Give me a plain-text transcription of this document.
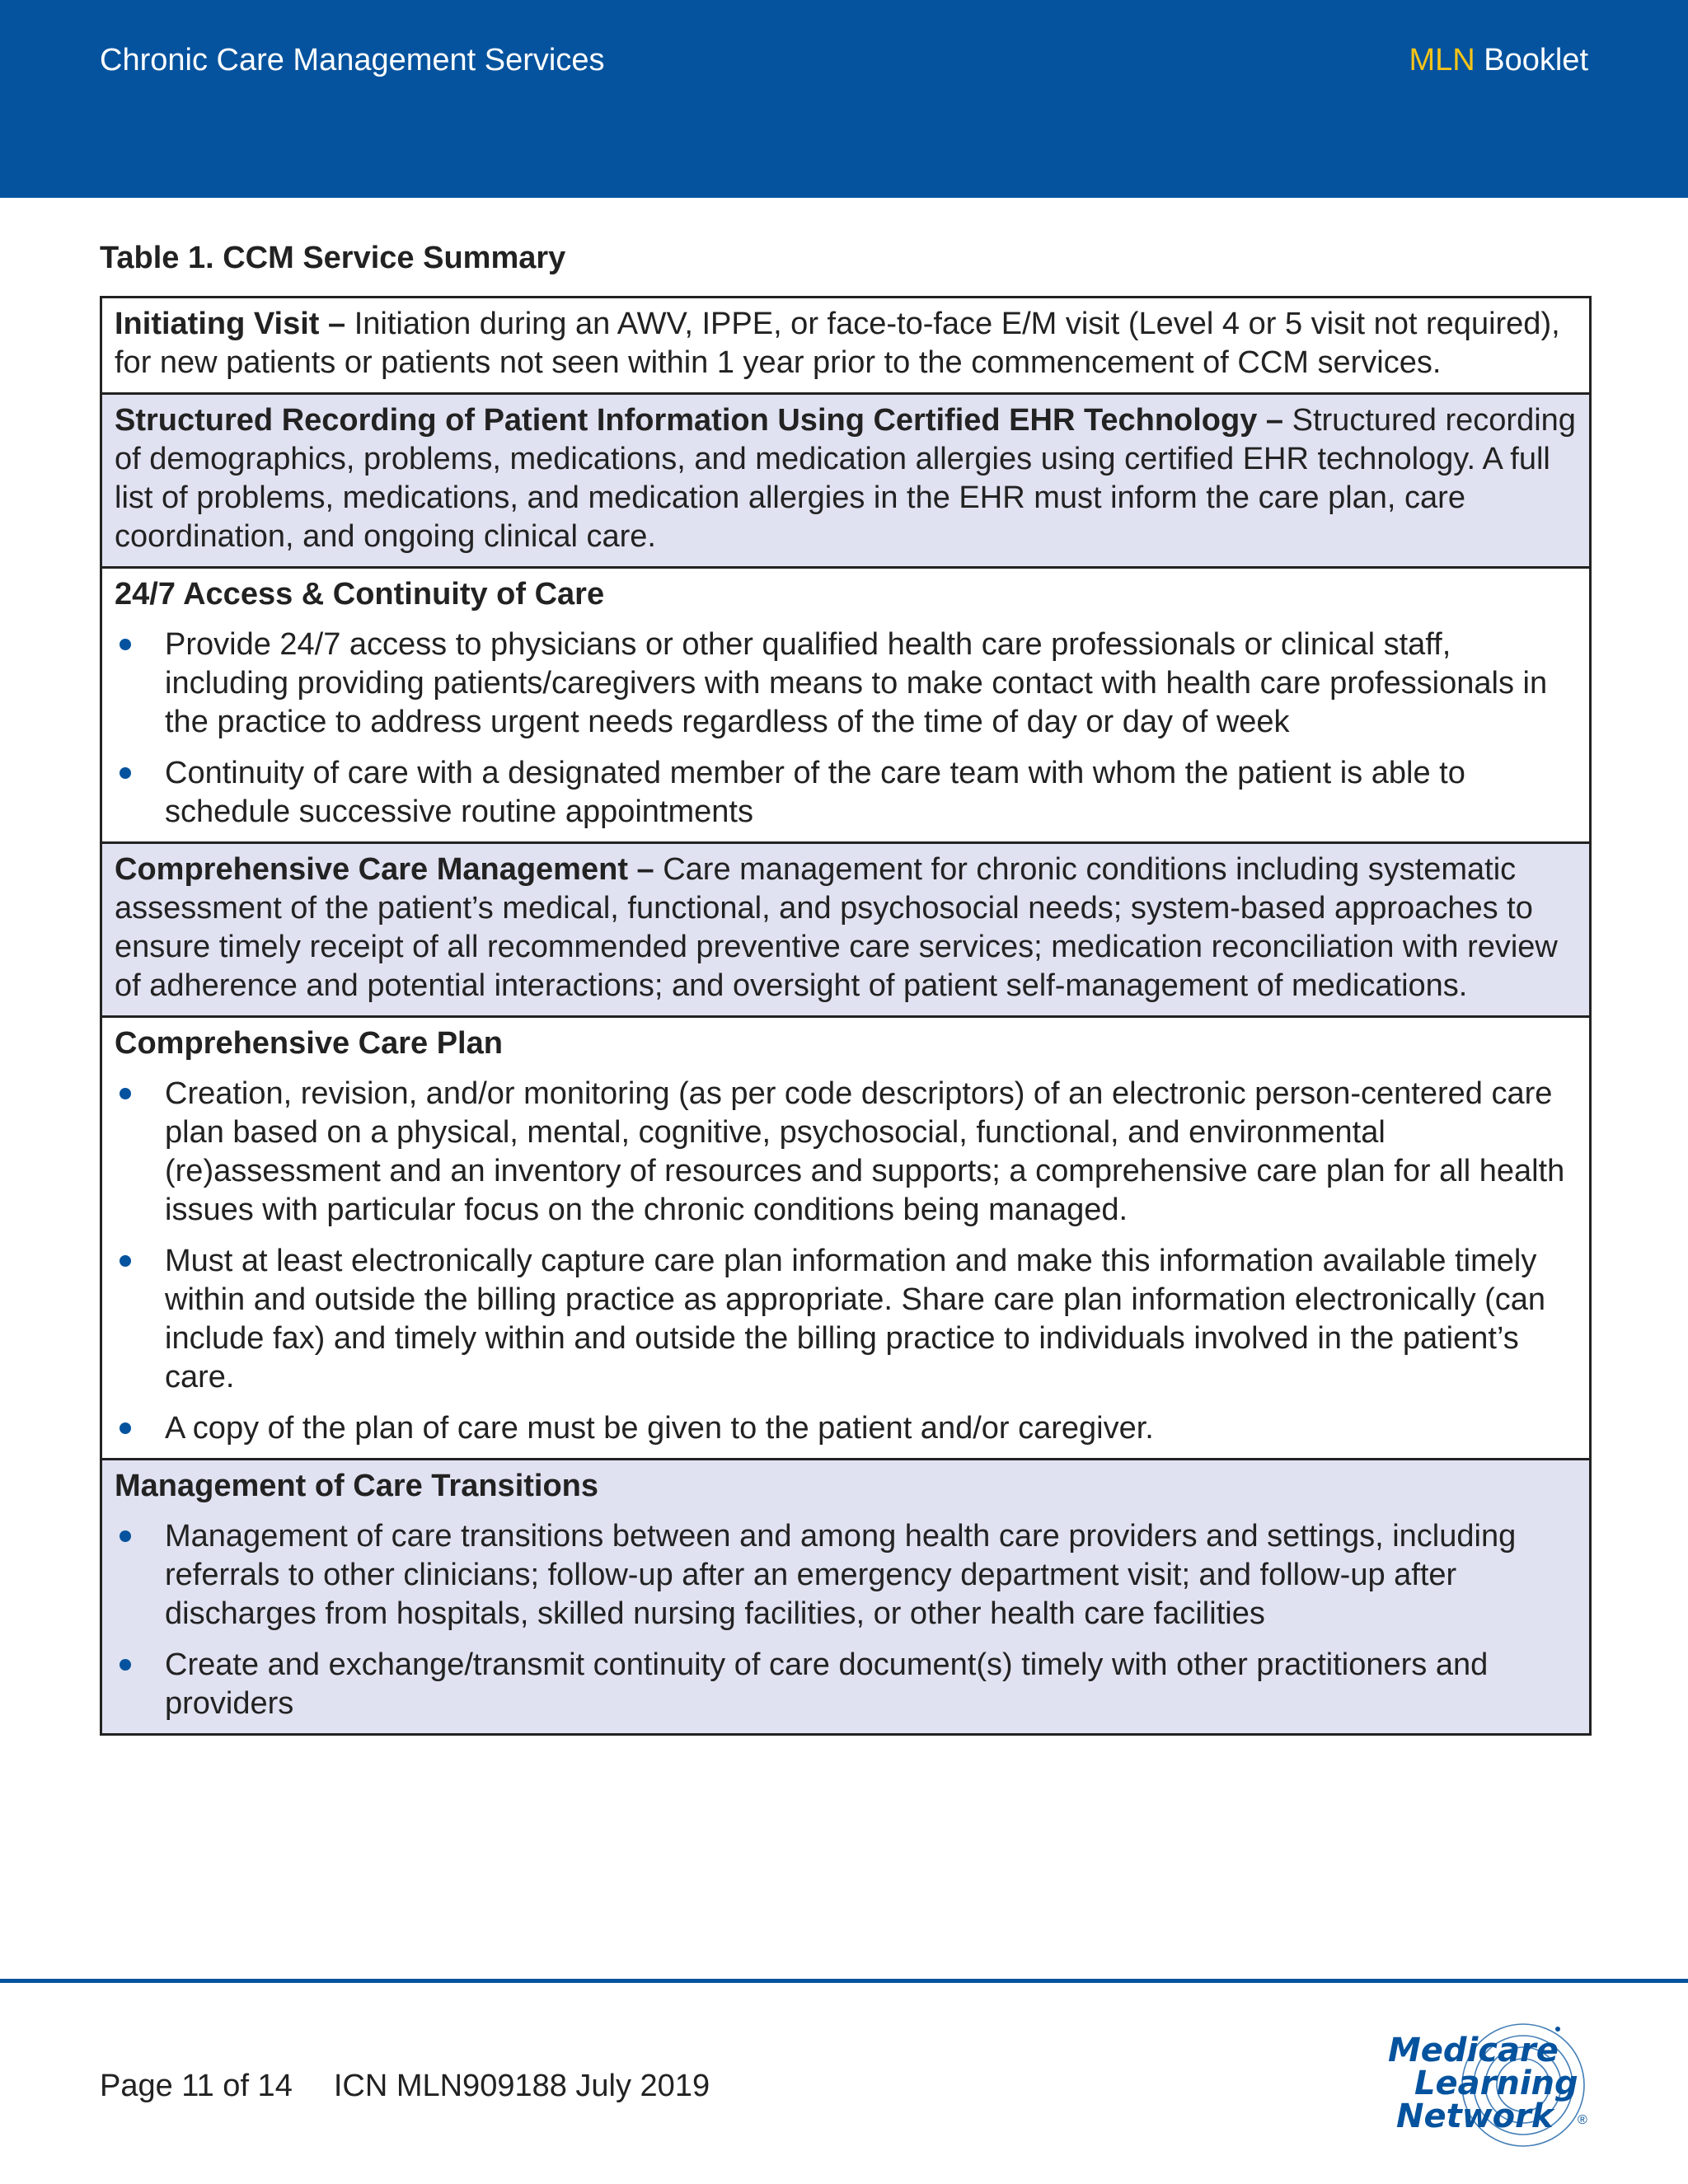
Chronic Care Management Services	MLN Booklet
Table 1. CCM Service Summary
Initiating Visit – Initiation during an AWV, IPPE, or face-to-face E/M visit (Level 4 or 5 visit not required), for new patients or patients not seen within 1 year prior to the commencement of CCM services.
Structured Recording of Patient Information Using Certified EHR Technology – Structured recording of demographics, problems, medications, and medication allergies using certified EHR technology. A full list of problems, medications, and medication allergies in the EHR must inform the care plan, care coordination, and ongoing clinical care.
24/7 Access & Continuity of Care
Provide 24/7 access to physicians or other qualified health care professionals or clinical staff, including providing patients/caregivers with means to make contact with health care professionals in the practice to address urgent needs regardless of the time of day or day of week
Continuity of care with a designated member of the care team with whom the patient is able to schedule successive routine appointments
Comprehensive Care Management – Care management for chronic conditions including systematic assessment of the patient’s medical, functional, and psychosocial needs; system-based approaches to ensure timely receipt of all recommended preventive care services; medication reconciliation with review of adherence and potential interactions; and oversight of patient self-management of medications.
Comprehensive Care Plan
Creation, revision, and/or monitoring (as per code descriptors) of an electronic person-centered care plan based on a physical, mental, cognitive, psychosocial, functional, and environmental (re)assessment and an inventory of resources and supports; a comprehensive care plan for all health issues with particular focus on the chronic conditions being managed.
Must at least electronically capture care plan information and make this information available timely within and outside the billing practice as appropriate. Share care plan information electronically (can include fax) and timely within and outside the billing practice to individuals involved in the patient’s care.
A copy of the plan of care must be given to the patient and/or caregiver.
Management of Care Transitions
Management of care transitions between and among health care providers and settings, including referrals to other clinicians; follow-up after an emergency department visit; and follow-up after discharges from hospitals, skilled nursing facilities, or other health care facilities
Create and exchange/transmit continuity of care document(s) timely with other practitioners and providers
Page 11 of 14 ICN MLN909188 July 2019
Medicare
Learning
Network ®
